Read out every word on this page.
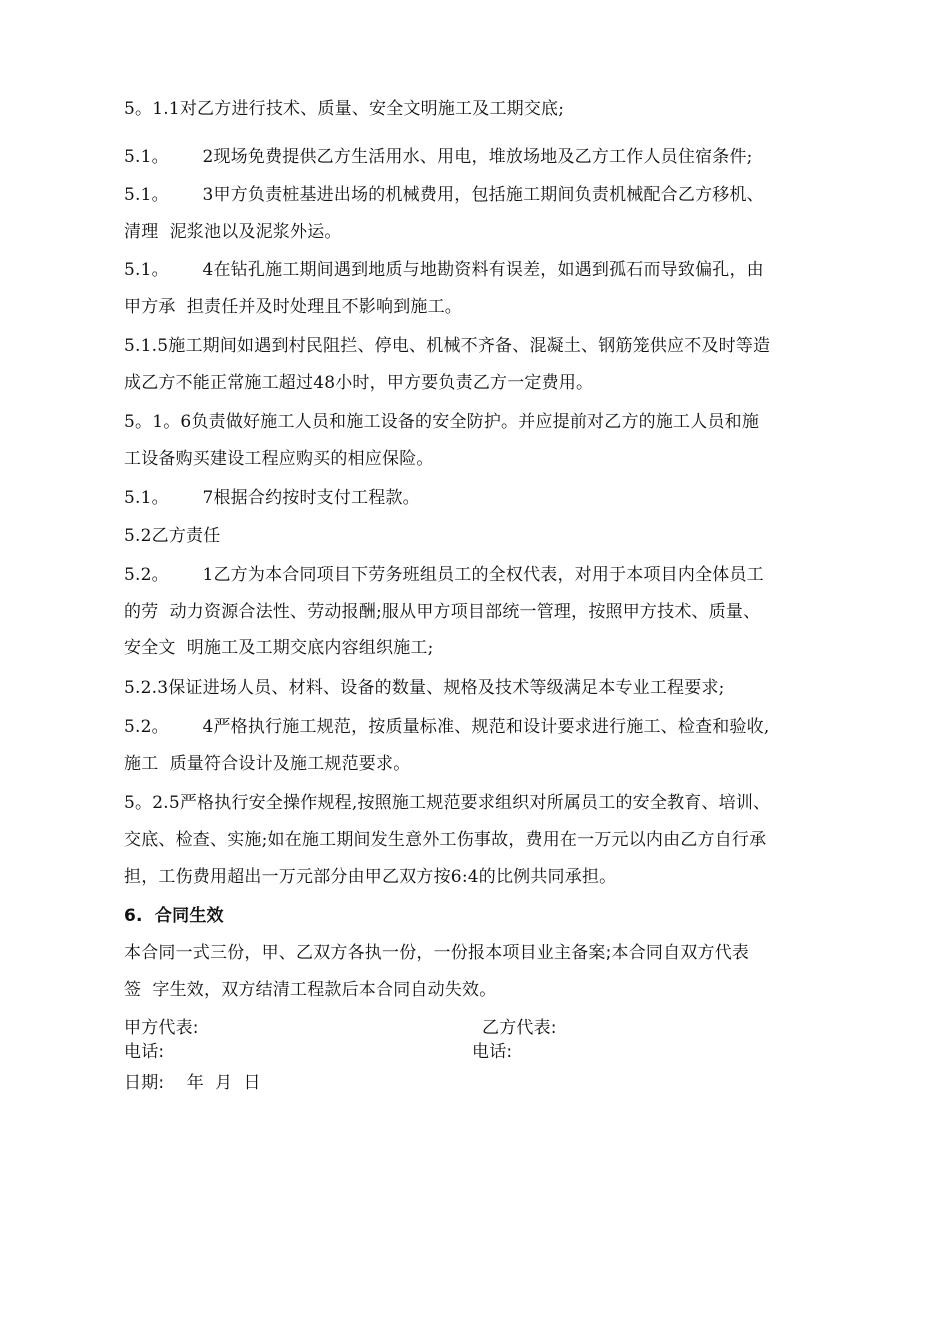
5。1.1对乙方进行技术、质量、安全文明施工及工期交底;
5.1。      2现场免费提供乙方生活用水、用电，堆放场地及乙方工作人员住宿条件;
5.1。      3甲方负责桩基进出场的机械费用，包括施工期间负责机械配合乙方移机、
清理  泥浆池以及泥浆外运。
5.1。      4在钻孔施工期间遇到地质与地勘资料有误差，如遇到孤石而导致偏孔，由
甲方承  担责任并及时处理且不影响到施工。
5.1.5施工期间如遇到村民阻拦、停电、机械不齐备、混凝土、钢筋笼供应不及时等造
成乙方不能正常施工超过48小时，甲方要负责乙方一定费用。
5。1。6负责做好施工人员和施工设备的安全防护。并应提前对乙方的施工人员和施
工设备购买建设工程应购买的相应保险。
5.1。      7根据合约按时支付工程款。
5.2乙方责任
5.2。      1乙方为本合同项目下劳务班组员工的全权代表，对用于本项目内全体员工
的劳  动力资源合法性、劳动报酬;服从甲方项目部统一管理，按照甲方技术、质量、
安全文  明施工及工期交底内容组织施工;
5.2.3保证进场人员、材料、设备的数量、规格及技术等级满足本专业工程要求;
5.2。      4严格执行施工规范，按质量标准、规范和设计要求进行施工、检查和验收,
施工  质量符合设计及施工规范要求。
5。2.5严格执行安全操作规程,按照施工规范要求组织对所属员工的安全教育、培训、
交底、检查、实施;如在施工期间发生意外工伤事故，费用在一万元以内由乙方自行承
担，工伤费用超出一万元部分由甲乙双方按6:4的比例共同承担。
6.  合同生效
本合同一式三份，甲、乙双方各执一份，一份报本项目业主备案;本合同自双方代表
签  字生效，双方结清工程款后本合同自动失效。
甲方代表:	乙方代表:
电话:	电话:
日期:    年  月  日
